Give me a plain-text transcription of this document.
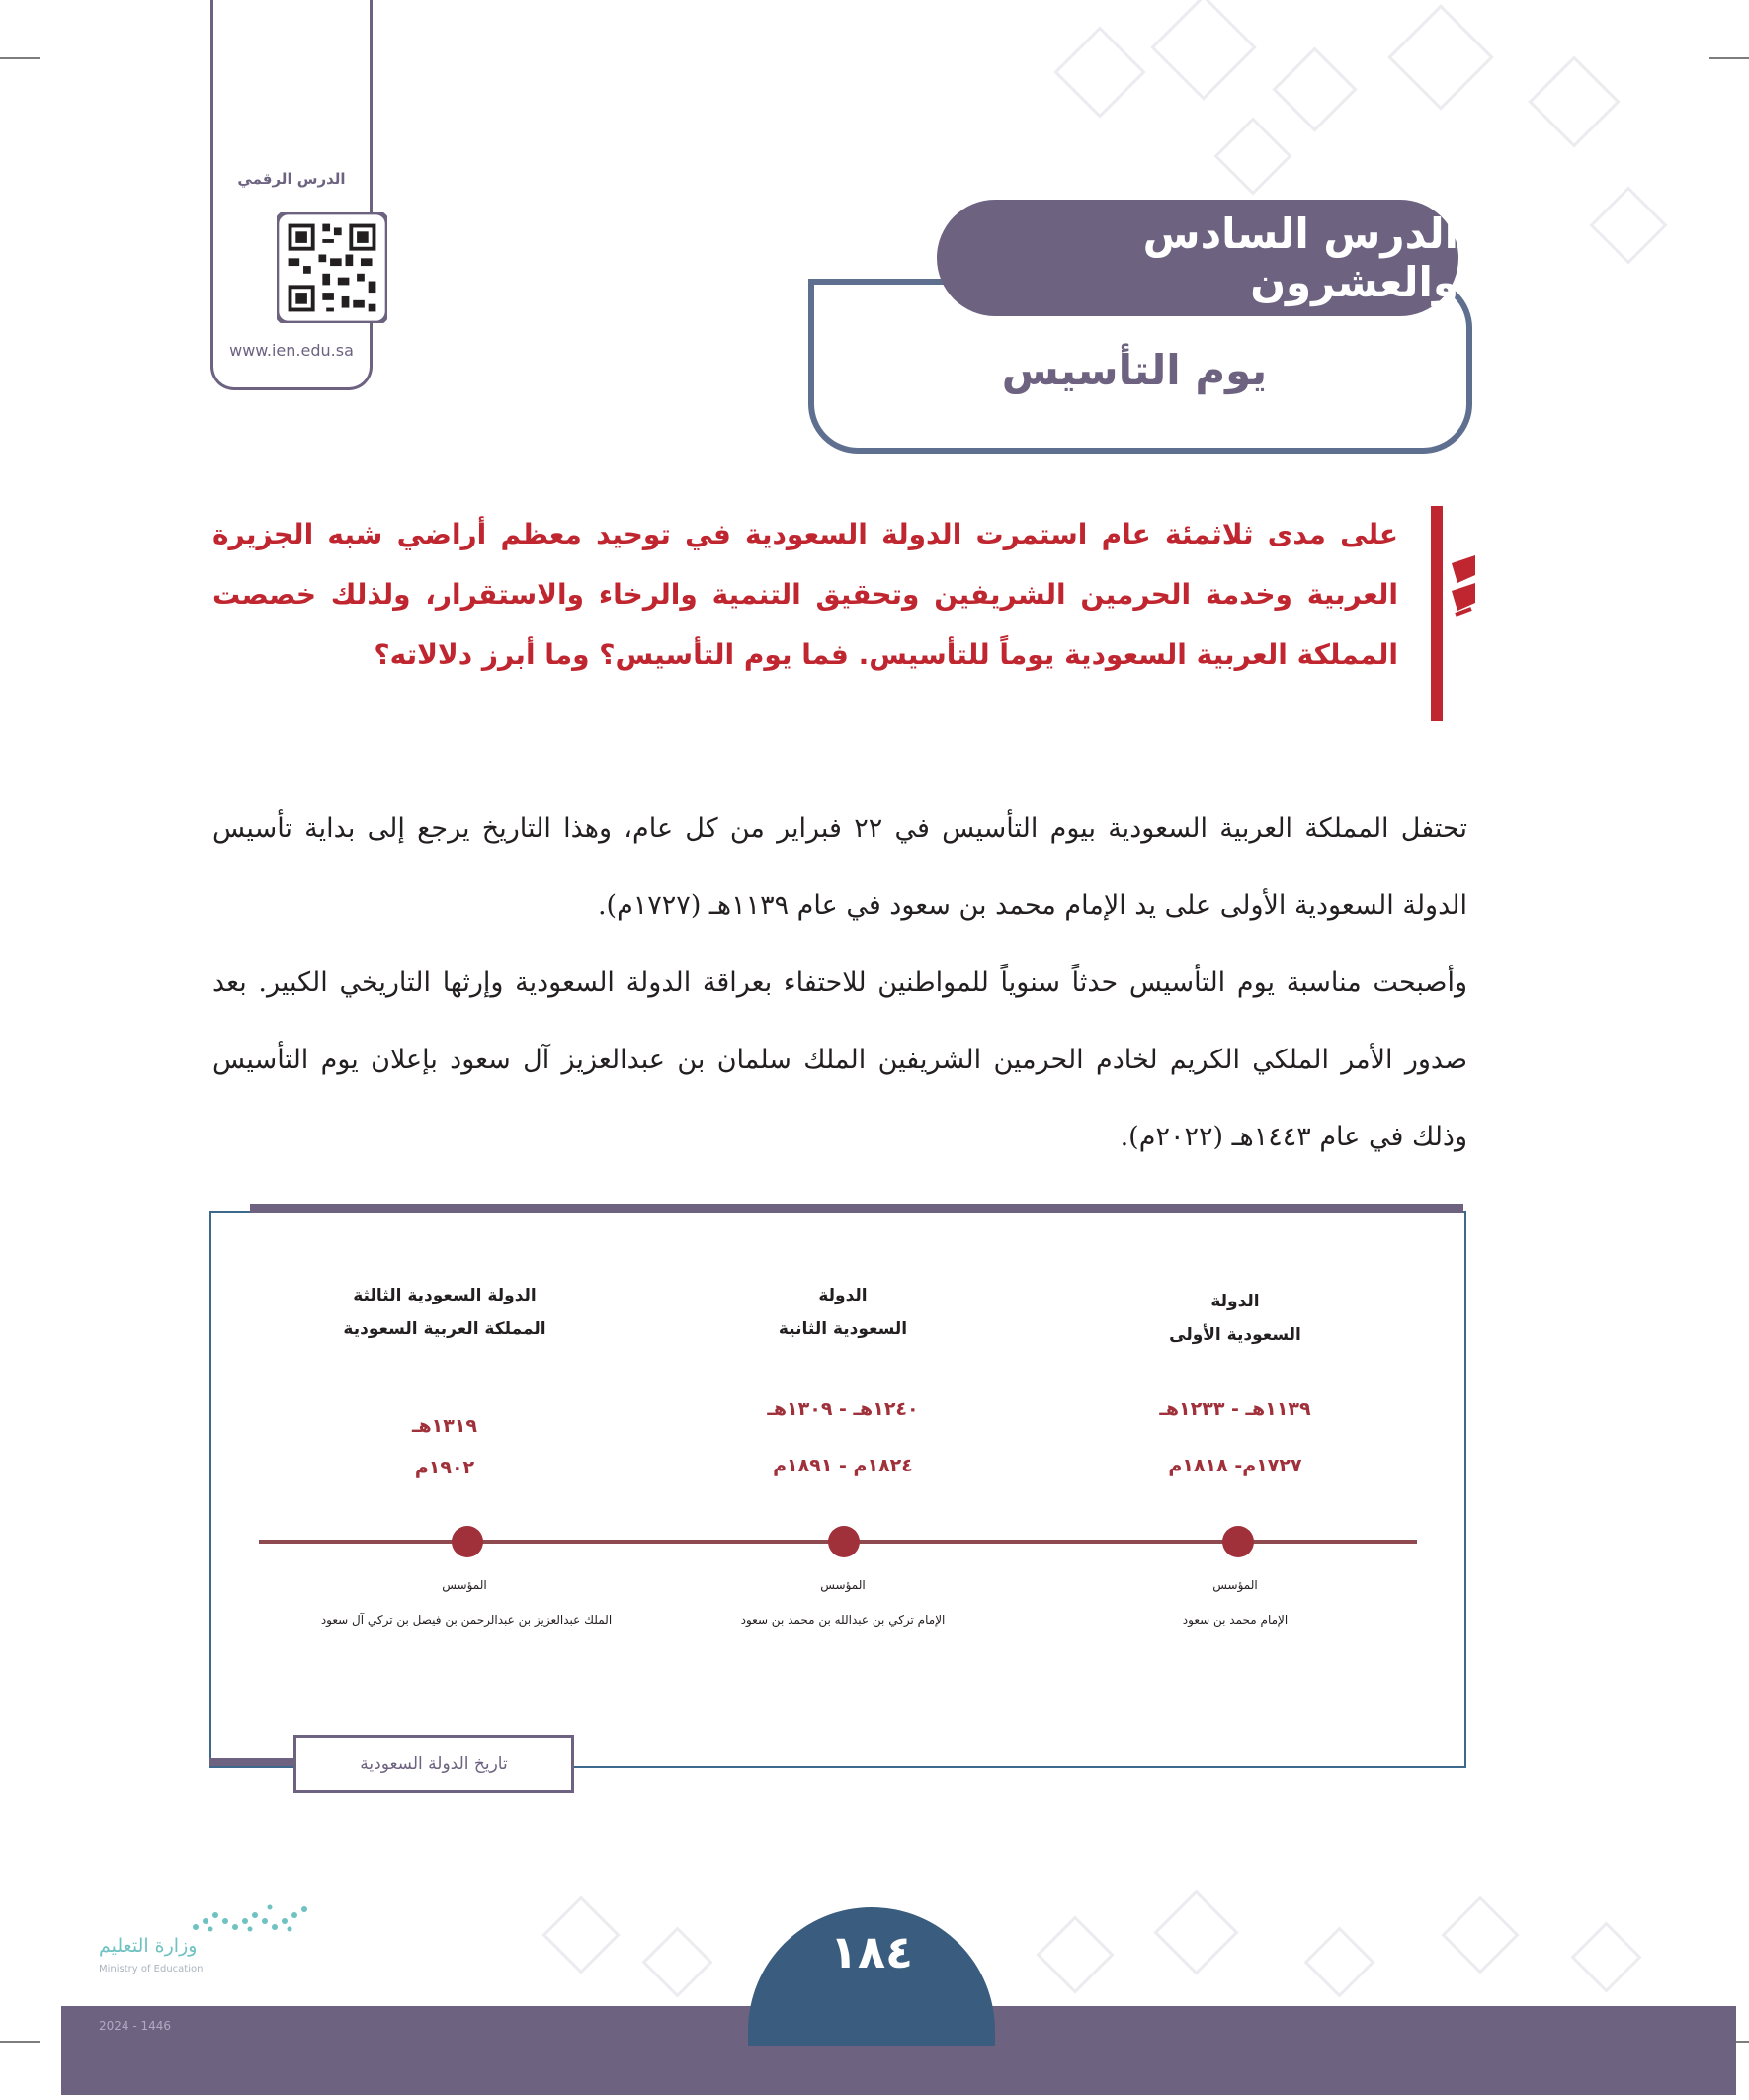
الدرس الرقمي
www.ien.edu.sa
الدرس السادس والعشرون
يوم التأسيس
على مدى ثلاثمئة عام استمرت الدولة السعودية في توحيد معظم أراضي شبه الجزيرة العربية وخدمة الحرمين الشريفين وتحقيق التنمية والرخاء والاستقرار، ولذلك خصصت المملكة العربية السعودية يوماً للتأسيس. فما يوم التأسيس؟ وما أبرز دلالاته؟

تحتفل المملكة العربية السعودية بيوم التأسيس في ٢٢ فبراير من كل عام، وهذا التاريخ يرجع إلى بداية تأسيس الدولة السعودية الأولى على يد الإمام محمد بن سعود في عام ١١٣٩هـ (١٧٢٧م).

وأصبحت مناسبة يوم التأسيس حدثاً سنوياً للمواطنين للاحتفاء بعراقة الدولة السعودية وإرثها التاريخي الكبير. بعد صدور الأمر الملكي الكريم لخادم الحرمين الشريفين الملك سلمان بن عبدالعزيز آل سعود بإعلان يوم التأسيس وذلك في عام ١٤٤٣هـ (٢٠٢٢م).

الدولة
السعودية الأولى
١١٣٩هـ - ١٢٣٣هـ
١٧٢٧م- ١٨١٨م
المؤسس
الإمام محمد بن سعود
الدولة
السعودية الثانية
١٢٤٠هـ - ١٣٠٩هـ
١٨٢٤م - ١٨٩١م
المؤسس
الإمام تركي بن عبدالله بن محمد بن سعود
الدولة السعودية الثالثة
المملكة العربية السعودية
١٣١٩هـ
١٩٠٢م
المؤسس
الملك عبدالعزيز بن عبدالرحمن بن فيصل بن تركي آل سعود
تاريخ الدولة السعودية
١٨٤
وزارة التعليم
Ministry of Education
2024 - 1446
